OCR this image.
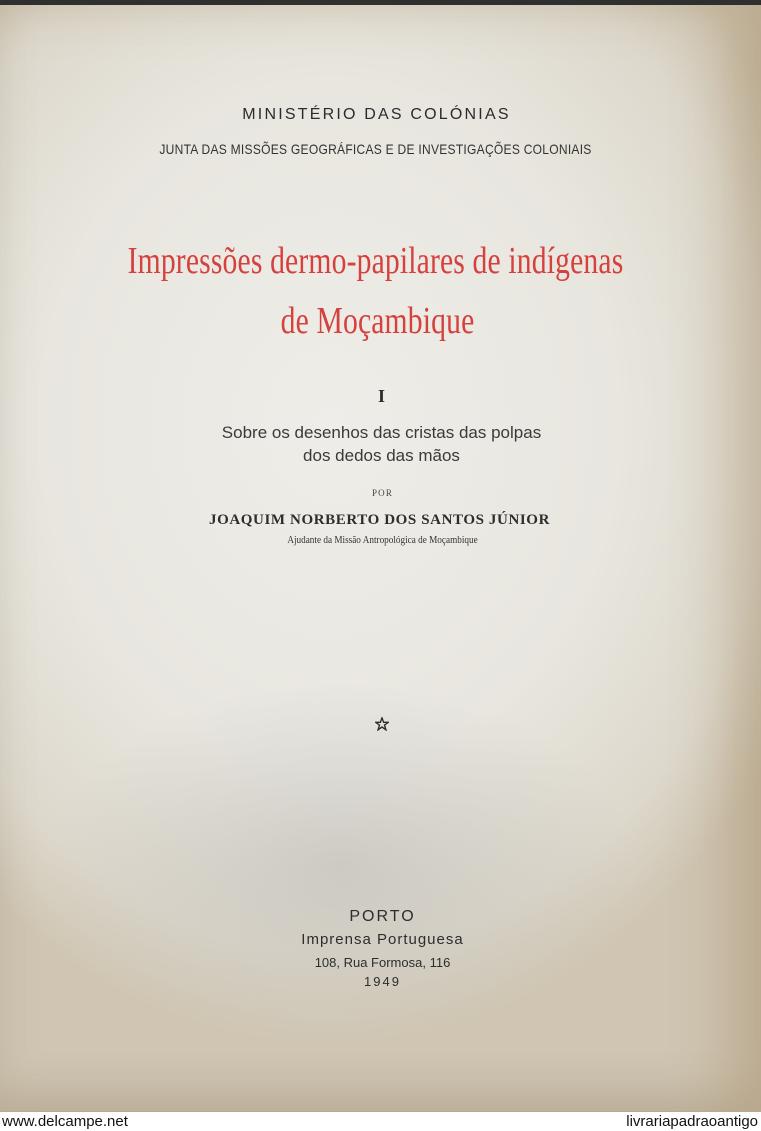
MINISTÉRIO DAS COLÓNIAS
JUNTA DAS MISSÕES GEOGRÁFICAS E DE INVESTIGAÇÕES COLONIAIS
Impressões dermo-papilares de indígenas
de Moçambique
I
Sobre os desenhos das cristas das polpas
dos dedos das mãos
POR
JOAQUIM NORBERTO DOS SANTOS JÚNIOR
Ajudante da Missão Antropológica de Moçambique
PORTO
Imprensa Portuguesa
108, Rua Formosa, 116
1949
www.delcampe.net	livrariapadraoantigo
